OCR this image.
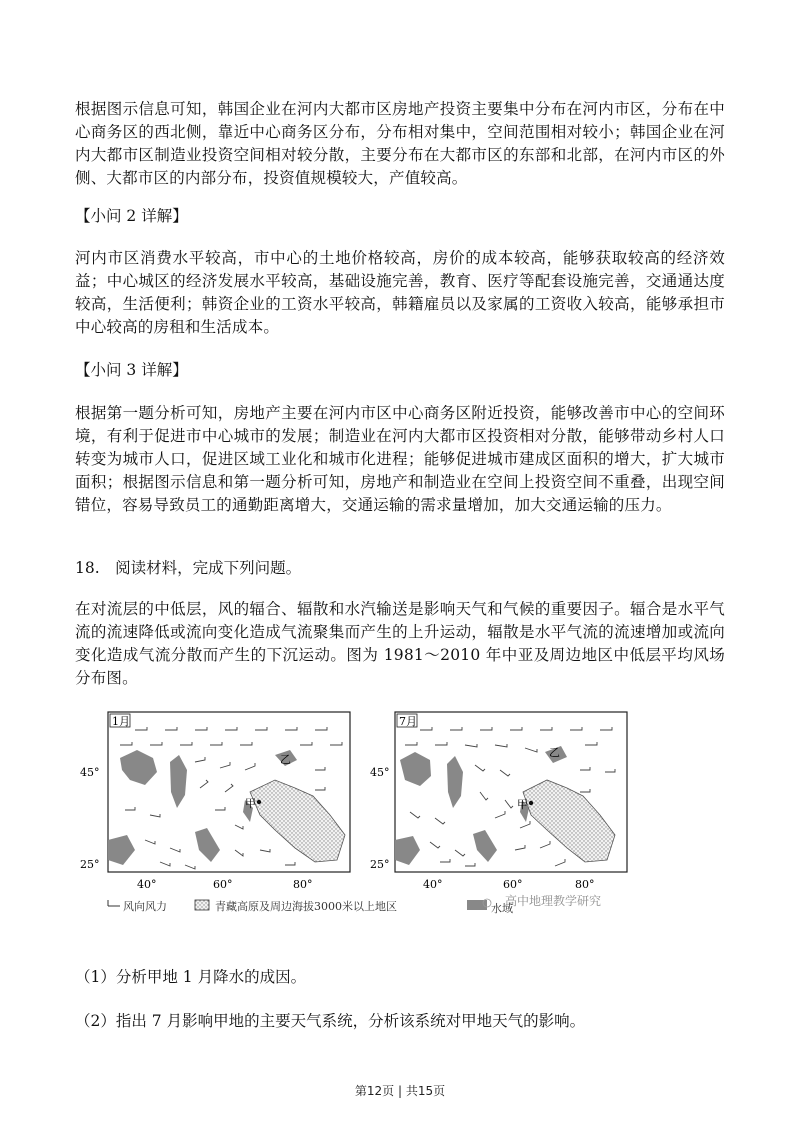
根据图示信息可知，韩国企业在河内大都市区房地产投资主要集中分布在河内市区，分布在中心商务区的西北侧，靠近中心商务区分布，分布相对集中，空间范围相对较小；韩国企业在河内大都市区制造业投资空间相对较分散，主要分布在大都市区的东部和北部，在河内市区的外侧、大都市区的内部分布，投资值规模较大，产值较高。

【小问 2 详解】

河内市区消费水平较高，市中心的土地价格较高，房价的成本较高，能够获取较高的经济效益；中心城区的经济发展水平较高，基础设施完善，教育、医疗等配套设施完善，交通通达度较高，生活便利；韩资企业的工资水平较高，韩籍雇员以及家属的工资收入较高，能够承担市中心较高的房租和生活成本。

【小问 3 详解】

根据第一题分析可知，房地产主要在河内市区中心商务区附近投资，能够改善市中心的空间环境，有利于促进市中心城市的发展；制造业在河内大都市区投资相对分散，能够带动乡村人口转变为城市人口，促进区域工业化和城市化进程；能够促进城市建成区面积的增大，扩大城市面积；根据图示信息和第一题分析可知，房地产和制造业在空间上投资空间不重叠，出现空间错位，容易导致员工的通勤距离增大，交通运输的需求量增加，加大交通运输的压力。

18.　阅读材料，完成下列问题。

在对流层的中低层，风的辐合、辐散和水汽输送是影响天气和气候的重要因子。辐合是水平气流的流速降低或流向变化造成气流聚集而产生的上升运动，辐散是水平气流的流速增加或流向变化造成气流分散而产生的下沉运动。图为 1981～2010 年中亚及周边地区中低层平均风场分布图。

1月
甲
乙
45°
25°
40°	60°	80°
7月
甲
乙
45°
25°
40°	60°	80°
风向风力	青藏高原及周边海拔3000米以上地区	水域
高中地理教学研究

（1）分析甲地 1 月降水的成因。

（2）指出 7 月影响甲地的主要天气系统，分析该系统对甲地天气的影响。

第12页 | 共15页
